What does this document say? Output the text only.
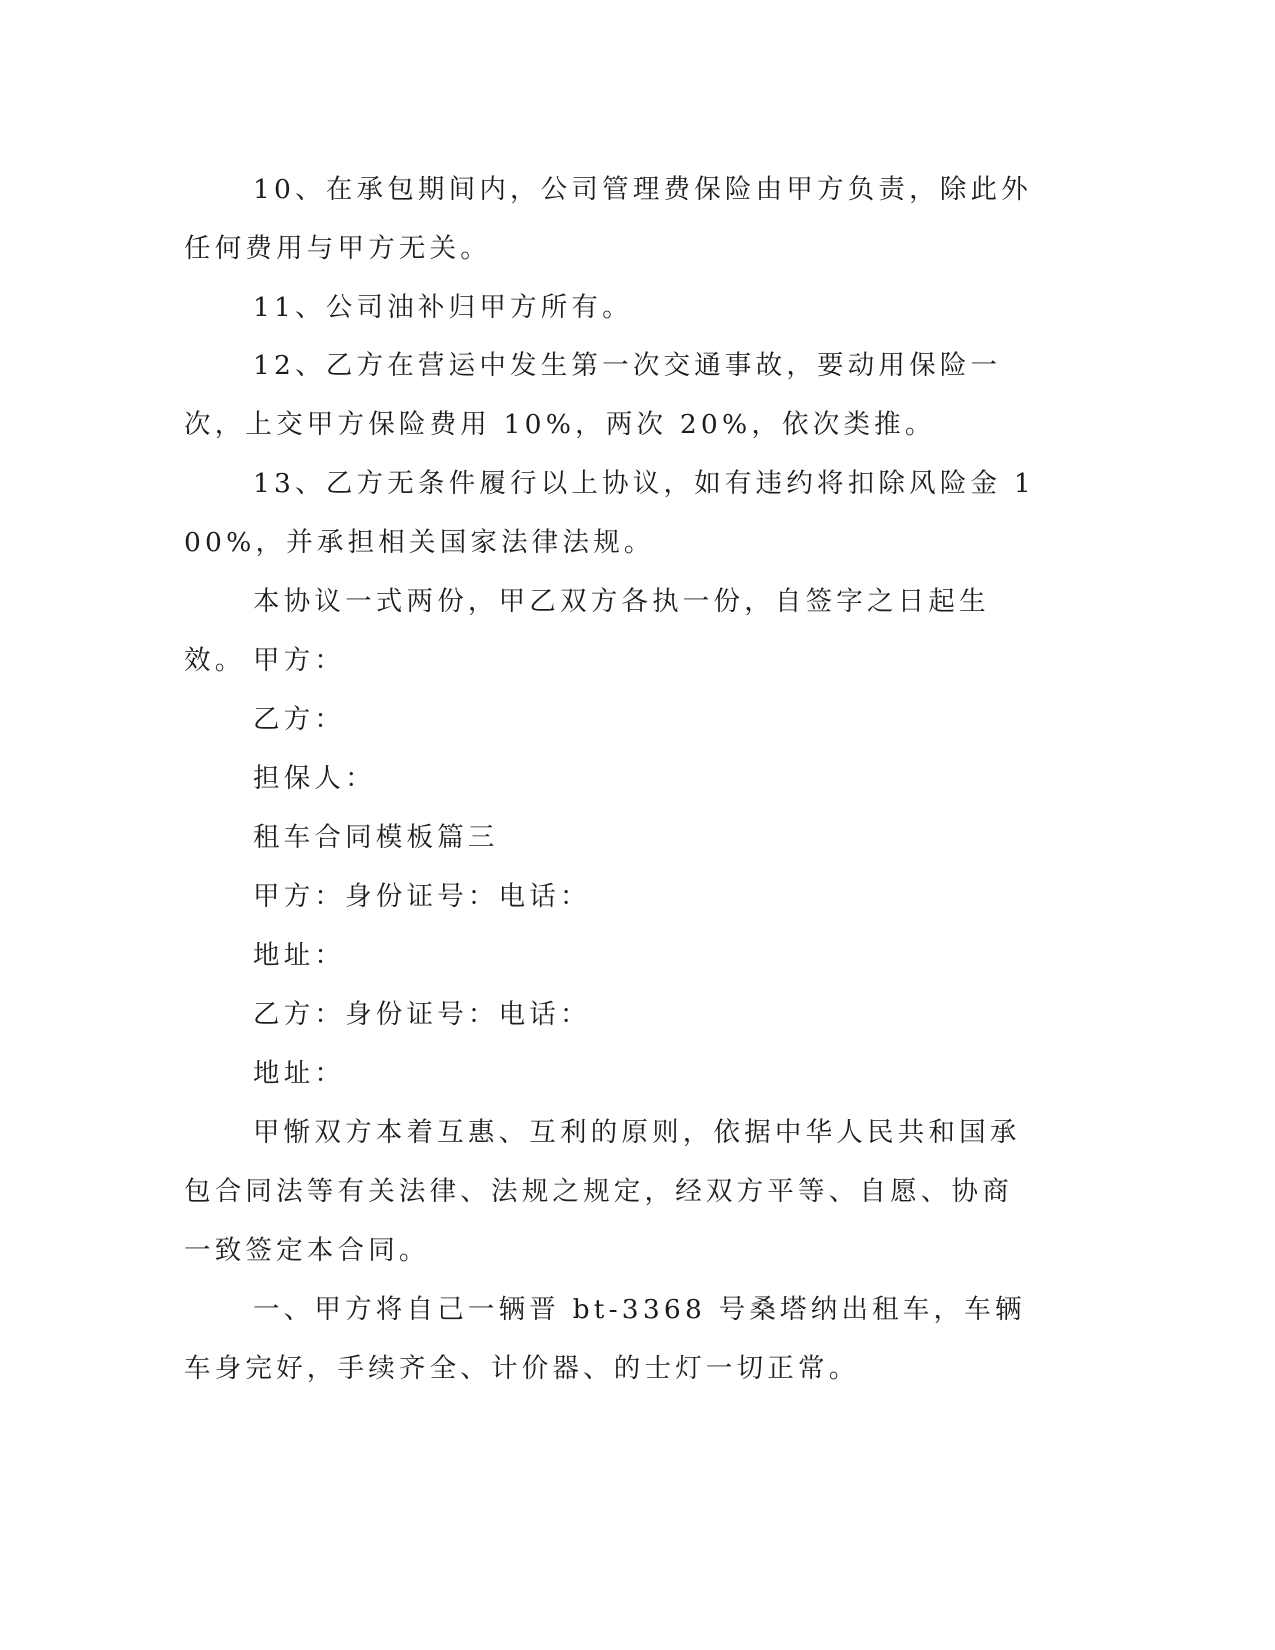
10、在承包期间内，公司管理费保险由甲方负责，除此外任何费用与甲方无关。

11、公司油补归甲方所有。

12、乙方在营运中发生第一次交通事故，要动用保险一次，上交甲方保险费用 10%，两次 20%，依次类推。

13、乙方无条件履行以上协议，如有违约将扣除风险金 100%，并承担相关国家法律法规。

本协议一式两份，甲乙双方各执一份，自签字之日起生效。 甲方：

乙方：

担保人：

租车合同模板篇三

甲方：身份证号：电话：

地址：

乙方：身份证号：电话：

地址：

甲惭双方本着互惠、互利的原则，依据中华人民共和国承包合同法等有关法律、法规之规定，经双方平等、自愿、协商一致签定本合同。

一、甲方将自己一辆晋 bt-3368 号桑塔纳出租车，车辆车身完好，手续齐全、计价器、的士灯一切正常。
